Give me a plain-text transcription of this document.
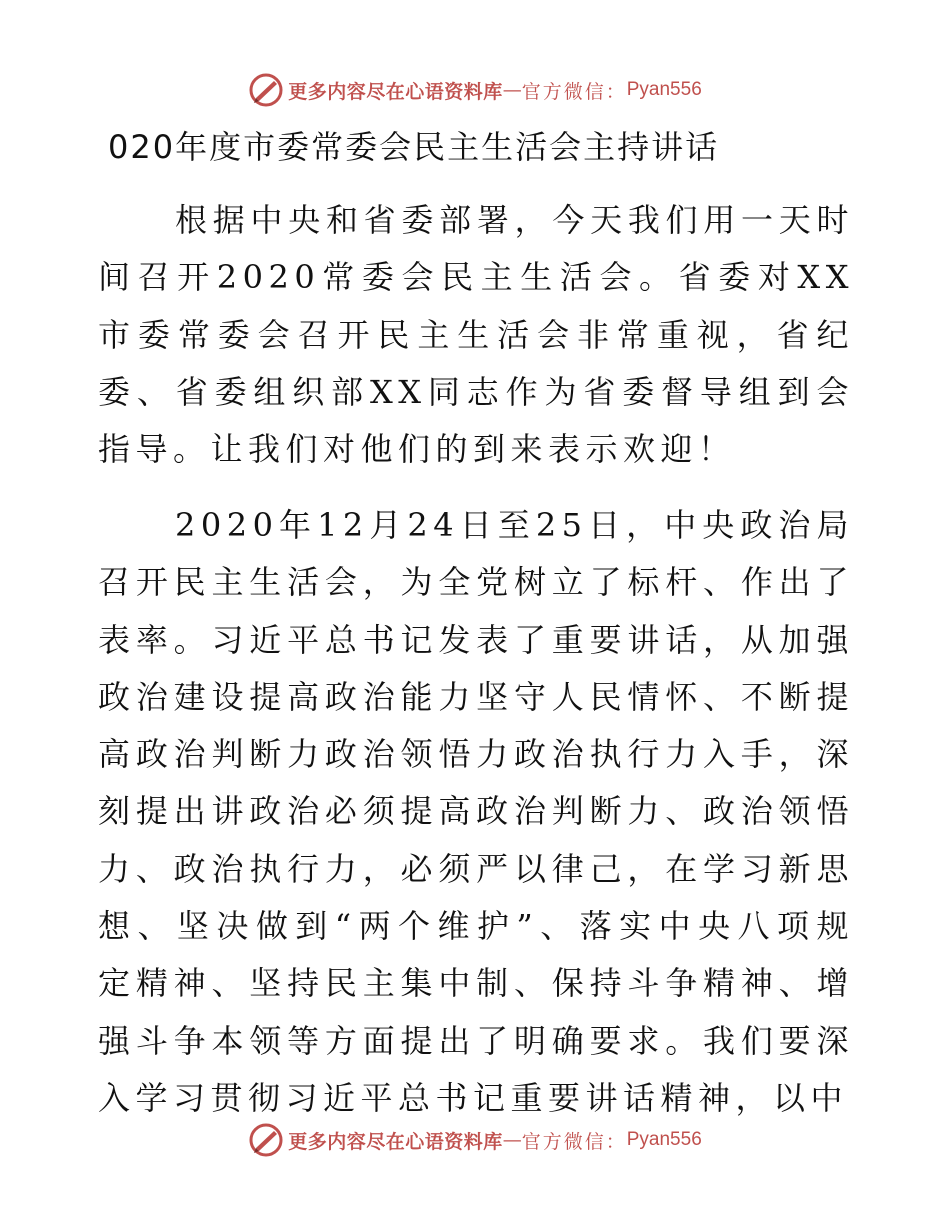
更多内容尽在心语资料库 — 官方微信： Pyan556
020年度市委常委会民主生活会主持讲话
根据中央和省委部署，今天我们用一天时间召开2020常委会民主生活会。省委对XX市委常委会召开民主生活会非常重视，省纪委、省委组织部XX同志作为省委督导组到会指导。让我们对他们的到来表示欢迎！
2020年12月24日至25日，中央政治局召开民主生活会，为全党树立了标杆、作出了表率。习近平总书记发表了重要讲话，从加强政治建设提高政治能力坚守人民情怀、不断提高政治判断力政治领悟力政治执行力入手，深刻提出讲政治必须提高政治判断力、政治领悟力、政治执行力，必须严以律己，在学习新思想、坚决做到“两个维护”、落实中央八项规定精神、坚持民主集中制、保持斗争精神、增强斗争本领等方面提出了明确要求。我们要深入学习贯彻习近平总书记重要讲话精神，以中
更多内容尽在心语资料库 — 官方微信： Pyan556
